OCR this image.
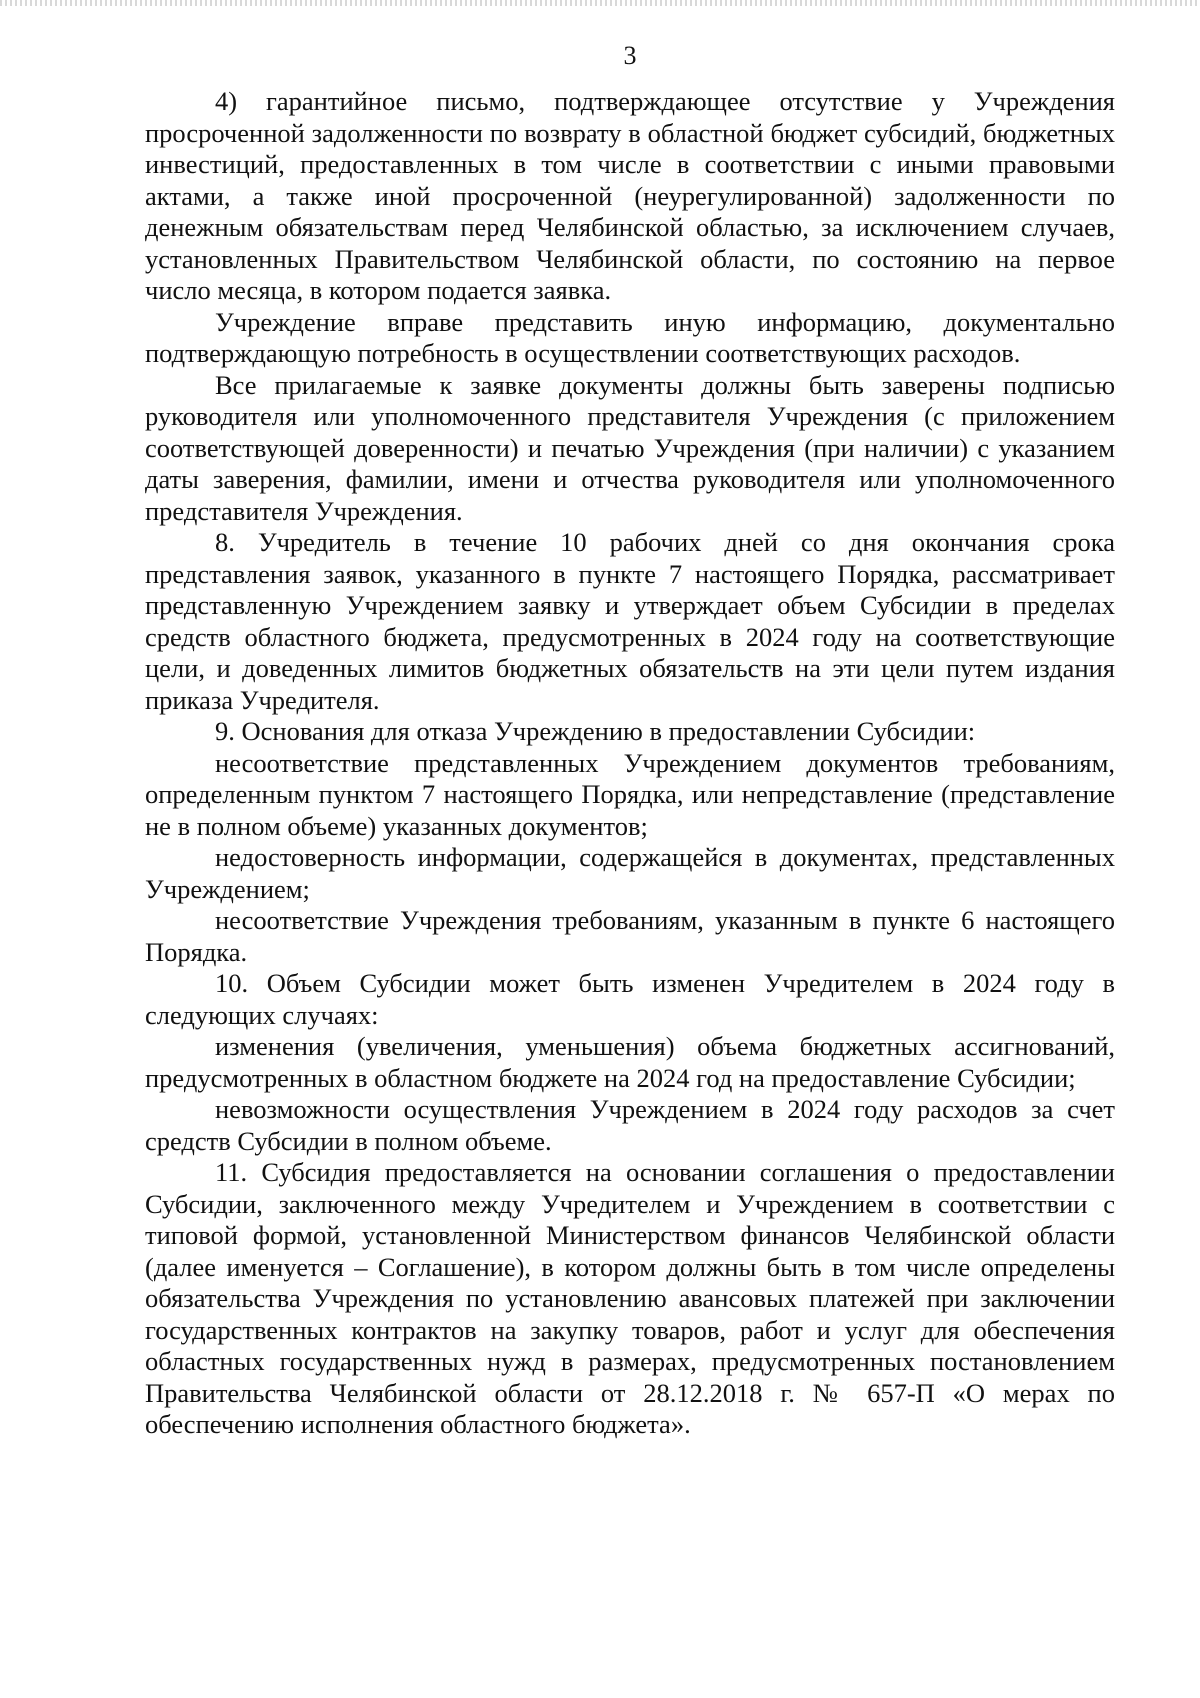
3

4) гарантийное письмо, подтверждающее отсутствие у Учреждения просроченной задолженности по возврату в областной бюджет субсидий, бюджетных инвестиций, предоставленных в том числе в соответствии с иными правовыми актами, а также иной просроченной (неурегулированной) задолженности по денежным обязательствам перед Челябинской областью, за исключением случаев, установленных Правительством Челябинской области, по состоянию на первое число месяца, в котором подается заявка.

Учреждение вправе представить иную информацию, документально подтверждающую потребность в осуществлении соответствующих расходов.

Все прилагаемые к заявке документы должны быть заверены подписью руководителя или уполномоченного представителя Учреждения (с приложением соответствующей доверенности) и печатью Учреждения (при наличии) с указанием даты заверения, фамилии, имени и отчества руководителя или уполномоченного представителя Учреждения.

8. Учредитель в течение 10 рабочих дней со дня окончания срока представления заявок, указанного в пункте 7 настоящего Порядка, рассматривает представленную Учреждением заявку и утверждает объем Субсидии в пределах средств областного бюджета, предусмотренных в 2024 году на соответствующие цели, и доведенных лимитов бюджетных обязательств на эти цели путем издания приказа Учредителя.

9. Основания для отказа Учреждению в предоставлении Субсидии:

несоответствие представленных Учреждением документов требованиям, определенным пунктом 7 настоящего Порядка, или непредставление (представление не в полном объеме) указанных документов;

недостоверность информации, содержащейся в документах, представленных Учреждением;

несоответствие Учреждения требованиям, указанным в пункте 6 настоящего Порядка.

10. Объем Субсидии может быть изменен Учредителем в 2024 году в следующих случаях:

изменения (увеличения, уменьшения) объема бюджетных ассигнований, предусмотренных в областном бюджете на 2024 год на предоставление Субсидии;

невозможности осуществления Учреждением в 2024 году расходов за счет средств Субсидии в полном объеме.

11. Субсидия предоставляется на основании соглашения о предоставлении Субсидии, заключенного между Учредителем и Учреждением в соответствии с типовой формой, установленной Министерством финансов Челябинской области (далее именуется – Соглашение), в котором должны быть в том числе определены обязательства Учреждения по установлению авансовых платежей при заключении государственных контрактов на закупку товаров, работ и услуг для обеспечения областных государственных нужд в размерах, предусмотренных постановлением Правительства Челябинской области от 28.12.2018 г. № 657-П «О мерах по обеспечению исполнения областного бюджета».
